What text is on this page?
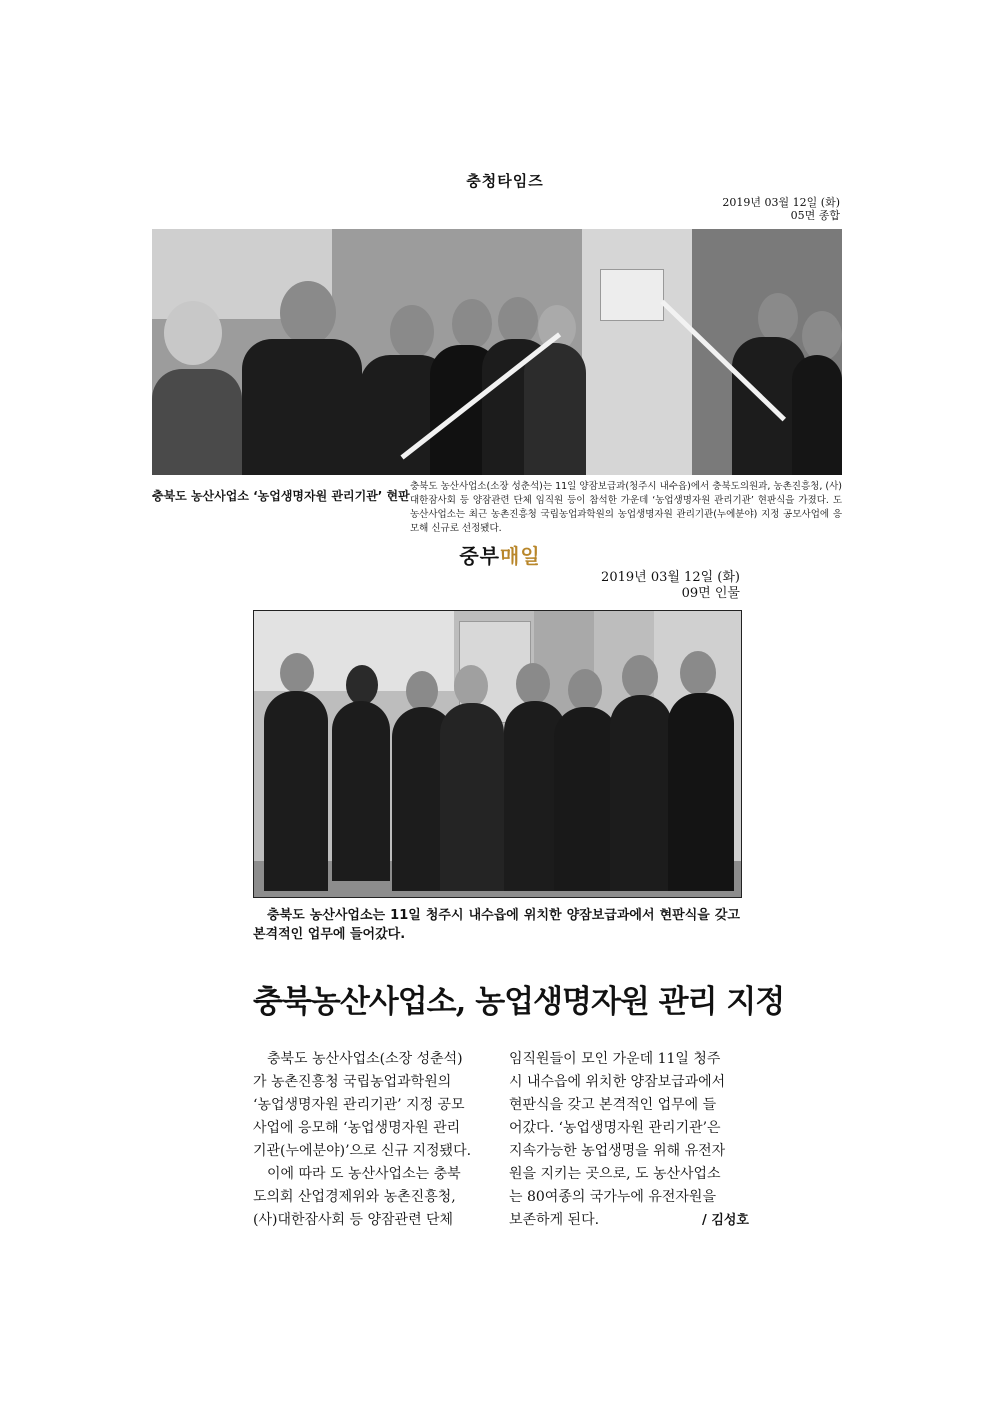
충청타임즈
2019년 03월 12일 (화)
05면 종합
충북도 농산사업소 ‘농업생명자원 관리기관’ 현판
충북도 농산사업소(소장 성춘석)는 11일 양잠보급과(청주시 내수읍)에서 충북도의원과, 농촌진흥청, (사)대한잠사회 등 양잠관련 단체 임직원 등이 참석한 가운데 ‘농업생명자원 관리기관’ 현판식을 가졌다. 도 농산사업소는 최근 농촌진흥청 국립농업과학원의 농업생명자원 관리기관(누에분야) 지정 공모사업에 응모해 신규로 선정됐다.
중부매일
2019년 03월 12일 (화)
09면 인물
충북도 농산사업소는 11일 청주시 내수읍에 위치한 양잠보급과에서 현판식을 갖고 본격적인 업무에 들어갔다.
충북농산사업소, 농업생명자원 관리 지정

　충북도 농산사업소(소장 성춘석)

가 농촌진흥청 국립농업과학원의

‘농업생명자원 관리기관’ 지정 공모

사업에 응모해 ‘농업생명자원 관리

기관(누에분야)’으로 신규 지정됐다.

　이에 따라 도 농산사업소는 충북

도의회 산업경제위와 농촌진흥청,

(사)대한잠사회 등 양잠관련 단체

임직원들이 모인 가운데 11일 청주

시 내수읍에 위치한 양잠보급과에서

현판식을 갖고 본격적인 업무에 들

어갔다. ‘농업생명자원 관리기관’은

지속가능한 농업생명을 위해 유전자

원을 지키는 곳으로, 도 농산사업소

는 80여종의 국가누에 유전자원을

보존하게 된다.	/ 김성호
